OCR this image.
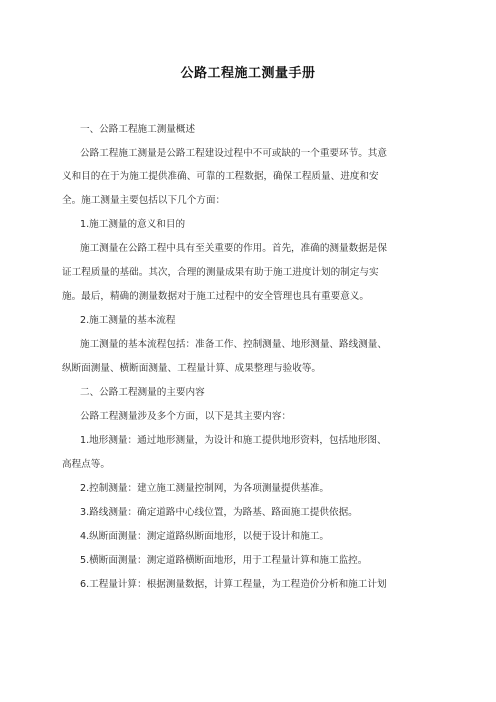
公路工程施工测量手册
一、公路工程施工测量概述
公路工程施工测量是公路工程建设过程中不可或缺的一个重要环节。其意
义和目的在于为施工提供准确、可靠的工程数据，确保工程质量、进度和安
全。施工测量主要包括以下几个方面：
1.施工测量的意义和目的
施工测量在公路工程中具有至关重要的作用。首先，准确的测量数据是保
证工程质量的基础。其次，合理的测量成果有助于施工进度计划的制定与实
施。最后，精确的测量数据对于施工过程中的安全管理也具有重要意义。
2.施工测量的基本流程
施工测量的基本流程包括：准备工作、控制测量、地形测量、路线测量、
纵断面测量、横断面测量、工程量计算、成果整理与验收等。
二、公路工程测量的主要内容
公路工程测量涉及多个方面，以下是其主要内容：
1.地形测量：通过地形测量，为设计和施工提供地形资料，包括地形图、
高程点等。
2.控制测量：建立施工测量控制网，为各项测量提供基准。
3.路线测量：确定道路中心线位置，为路基、路面施工提供依据。
4.纵断面测量：测定道路纵断面地形，以便于设计和施工。
5.横断面测量：测定道路横断面地形，用于工程量计算和施工监控。
6.工程量计算：根据测量数据，计算工程量，为工程造价分析和施工计划
